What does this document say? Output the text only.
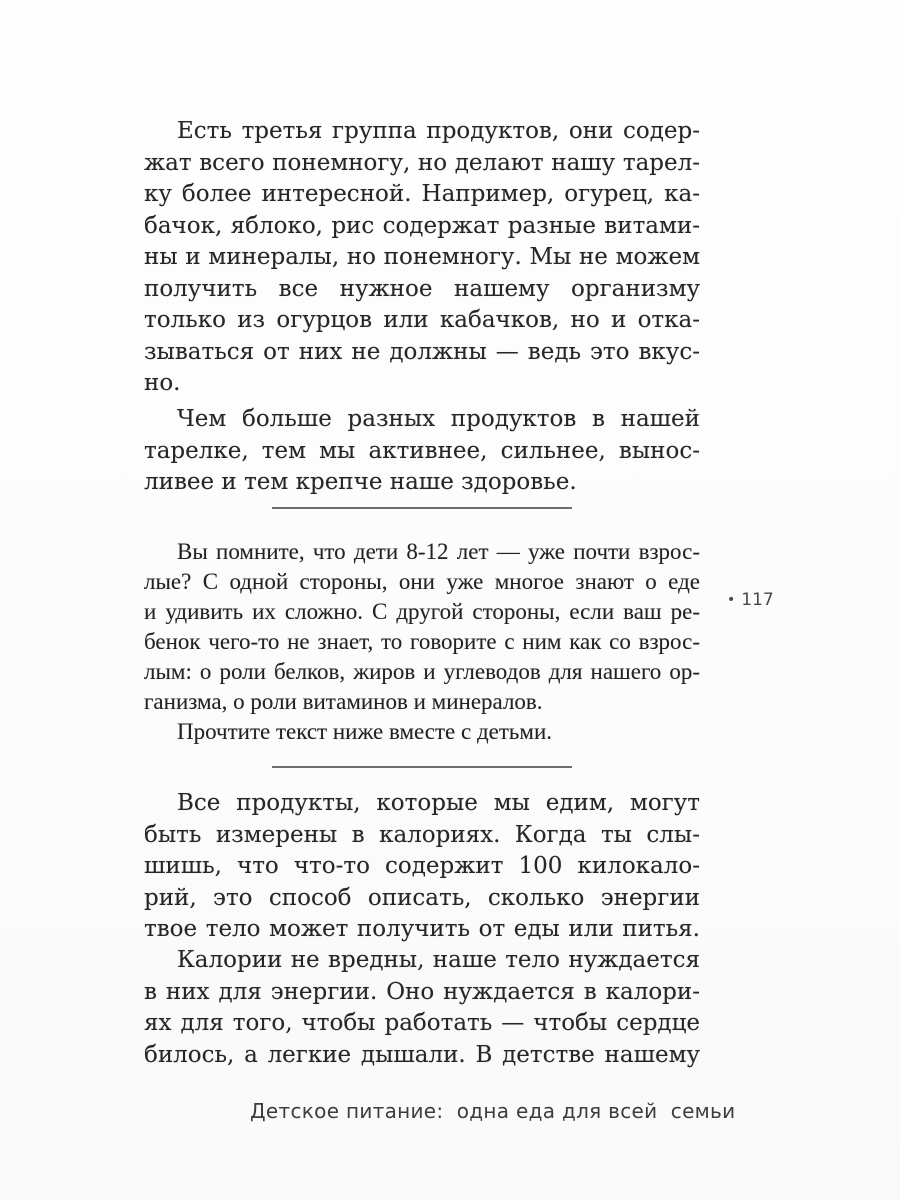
Есть третья группа продуктов, они содер-
жат всего понемногу, но делают нашу тарел-
ку более интересной. Например, огурец, ка-
бачок, яблоко, рис содержат разные витами-
ны и минералы, но понемногу. Мы не можем
получить все нужное нашему организму
только из огурцов или кабачков, но и отка-
зываться от них не должны — ведь это вкус-
но.
Чем больше разных продуктов в нашей
тарелке, тем мы активнее, сильнее, вынос-
ливее и тем крепче наше здоровье.
Вы помните, что дети 8-12 лет — уже почти взрос-
лые? С одной стороны, они уже многое знают о еде
и удивить их сложно. С другой стороны, если ваш ре-
бенок чего-то не знает, то говорите с ним как со взрос-
лым: о роли белков, жиров и углеводов для нашего ор-
ганизма, о роли витаминов и минералов.
Прочтите текст ниже вместе с детьми.
• 117
Все продукты, которые мы едим, могут
быть измерены в калориях. Когда ты слы-
шишь, что что-то содержит 100 килокало-
рий, это способ описать, сколько энергии
твое тело может получить от еды или питья.
Калории не вредны, наше тело нуждается
в них для энергии. Оно нуждается в калори-
ях для того, чтобы работать — чтобы сердце
билось, а легкие дышали. В детстве нашему
Детское питание:  одна еда для всей  семьи
